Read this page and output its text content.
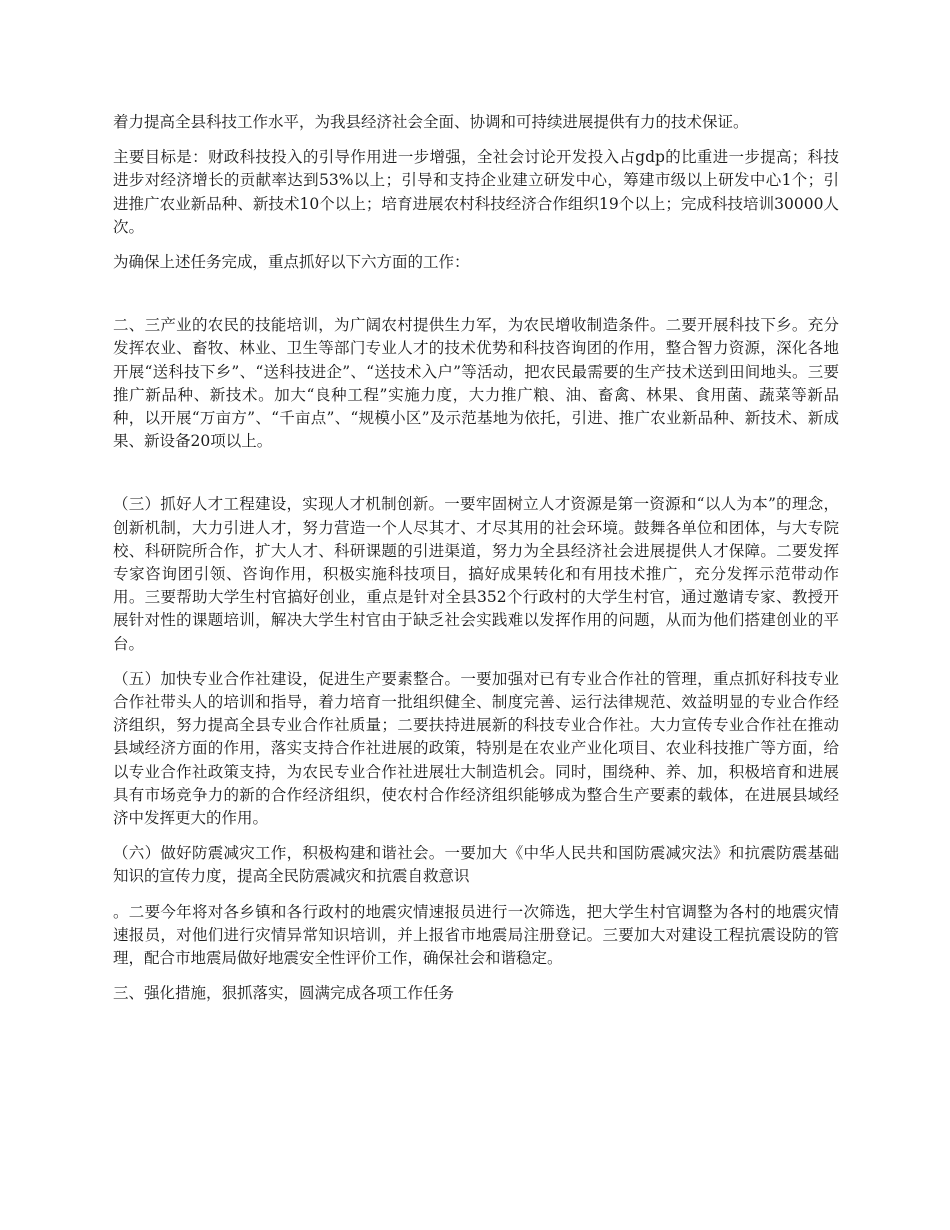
着力提高全县科技工作水平，为我县经济社会全面、协调和可持续进展提供有力的技术保证。

主要目标是：财政科技投入的引导作用进一步增强，全社会讨论开发投入占gdp的比重进一步提高；科技进步对经济增长的贡献率达到53%以上；引导和支持企业建立研发中心，筹建市级以上研发中心1个；引进推广农业新品种、新技术10个以上；培育进展农村科技经济合作组织19个以上；完成科技培训30000人次。

为确保上述任务完成，重点抓好以下六方面的工作：

二、三产业的农民的技能培训，为广阔农村提供生力军，为农民增收制造条件。二要开展科技下乡。充分发挥农业、畜牧、林业、卫生等部门专业人才的技术优势和科技咨询团的作用，整合智力资源，深化各地开展“送科技下乡”、“送科技进企”、“送技术入户”等活动，把农民最需要的生产技术送到田间地头。三要推广新品种、新技术。加大“良种工程”实施力度，大力推广粮、油、畜禽、林果、食用菌、蔬菜等新品种，以开展“万亩方”、“千亩点”、“规模小区”及示范基地为依托，引进、推广农业新品种、新技术、新成果、新设备20项以上。

（三）抓好人才工程建设，实现人才机制创新。一要牢固树立人才资源是第一资源和“以人为本”的理念，创新机制，大力引进人才，努力营造一个人尽其才、才尽其用的社会环境。鼓舞各单位和团体，与大专院校、科研院所合作，扩大人才、科研课题的引进渠道，努力为全县经济社会进展提供人才保障。二要发挥专家咨询团引领、咨询作用，积极实施科技项目，搞好成果转化和有用技术推广，充分发挥示范带动作用。三要帮助大学生村官搞好创业，重点是针对全县352个行政村的大学生村官，通过邀请专家、教授开展针对性的课题培训，解决大学生村官由于缺乏社会实践难以发挥作用的问题，从而为他们搭建创业的平台。

（五）加快专业合作社建设，促进生产要素整合。一要加强对已有专业合作社的管理，重点抓好科技专业合作社带头人的培训和指导，着力培育一批组织健全、制度完善、运行法律规范、效益明显的专业合作经济组织，努力提高全县专业合作社质量；二要扶持进展新的科技专业合作社。大力宣传专业合作社在推动县域经济方面的作用，落实支持合作社进展的政策，特别是在农业产业化项目、农业科技推广等方面，给以专业合作社政策支持，为农民专业合作社进展壮大制造机会。同时，围绕种、养、加，积极培育和进展具有市场竞争力的新的合作经济组织，使农村合作经济组织能够成为整合生产要素的载体，在进展县域经济中发挥更大的作用。

（六）做好防震减灾工作，积极构建和谐社会。一要加大《中华人民共和国防震减灾法》和抗震防震基础知识的宣传力度，提高全民防震减灾和抗震自救意识

。二要今年将对各乡镇和各行政村的地震灾情速报员进行一次筛选，把大学生村官调整为各村的地震灾情速报员，对他们进行灾情异常知识培训，并上报省市地震局注册登记。三要加大对建设工程抗震设防的管理，配合市地震局做好地震安全性评价工作，确保社会和谐稳定。

三、强化措施，狠抓落实，圆满完成各项工作任务
